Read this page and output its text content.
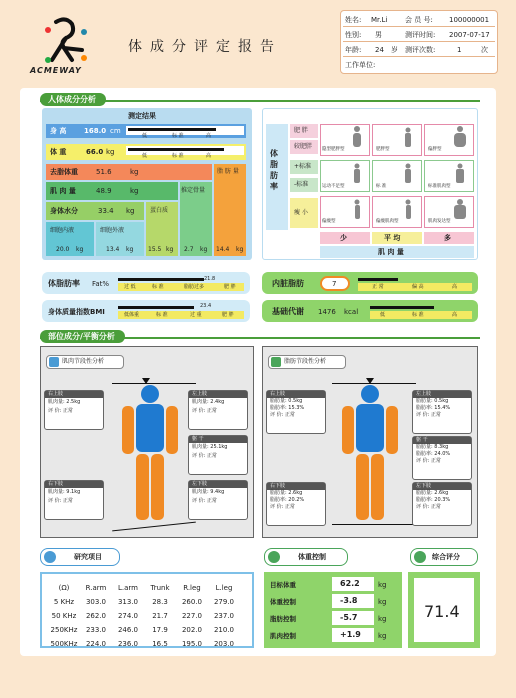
ACMEWAY
体成分评定报告
姓名: Mr.Li	会 员 号: 100000001
性别: 男	测评时间: 2007-07-17
年龄: 24 岁 测评次数:	1	次
工作单位:
人体成分分析
测定结果
身 高	168.0 cm
低	标 准	高
体 重	66.0 kg	低	标 准	高
去脂体重	51.6	kg	脂 肪 量
14.4 kg
肌 肉 量	48.9	kg	推定骨量
2.7 kg
身体水分	33.4 kg	蛋白质
15.5 kg
细胞内液
20.0 kg
细胞外液
13.4 kg
体脂肪率
肥 胖
较肥胖
+标准
-标准
瘦 小
隐型肥胖型	肥胖型	偏胖型
运动不足型	标 准	标准肌肉型
偏瘦型	偏瘦肌肉型	肌肉发达型
少	平 均	多
肌 肉 量
体脂肪率 Fat%
21.8
过 低	标 准	脂肪过多	肥 胖
身体质量指数BMI
23.4
低体重	标 准	过 重	肥 胖
内脏脂肪	7	正 常	偏 高	高
基础代谢 1476 kcal	低	标 准	高
部位成分/平衡分析
肌肉节段性分析
右上肢
肌肉量: 2.5kg
评 价: 正常
左上肢
肌肉量: 2.4kg
评 价: 正常
躯 干
肌肉量: 25.1kg
评 价: 正常
右下肢
肌肉量: 9.1kg
评 价: 正常
左下肢
肌肉量: 9.4kg
评 价: 正常
脂肪节段性分析
右上肢
脂肪量: 0.5kg
脂肪率: 15.3%
评 价: 正常
左上肢
脂肪量: 0.5kg
脂肪率: 15.4%
评 价: 正常
躯 干
脂肪量: 8.3kg
脂肪率: 24.0%
评 价: 正常
右下肢
脂肪量: 2.6kg
脂肪率: 20.2%
评 价: 正常
左下肢
脂肪量: 2.6kg
脂肪率: 20.3%
评 价: 正常
研究项目
(Ω)	R.arm	L.arm	Trunk	R.leg	L.leg
5 KHz	303.0	313.0	28.3	260.0	279.0
50 KHz	262.0	274.0	21.7	227.0	237.0
250KHz	233.0	246.0	17.9	202.0	210.0
500KHz	224.0	236.0	16.5	195.0	203.0
体重控制
目标体重	62.2	kg
体重控制	-3.8	kg
脂肪控制	-5.7	kg
肌肉控制	+1.9 kg
综合评分
71.4
